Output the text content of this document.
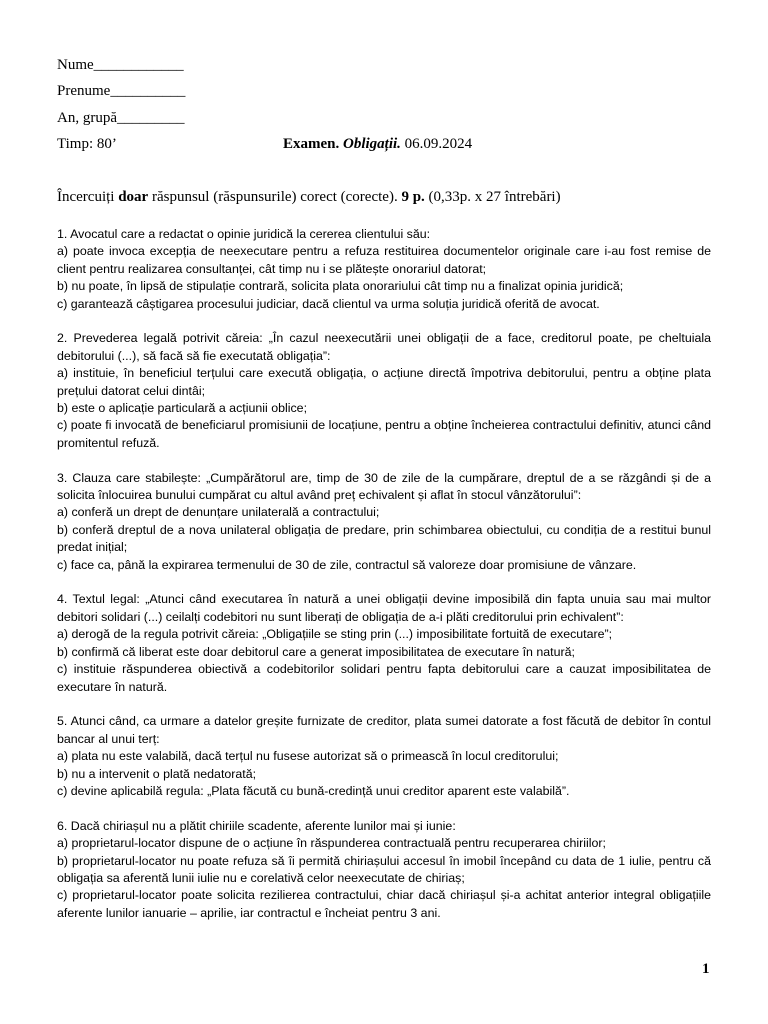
Nume____________
Prenume__________
An, grupă_________
Timp: 80’	Examen. Obligații. 06.09.2024
Încercuiți doar răspunsul (răspunsurile) corect (corecte). 9 p. (0,33p. x 27 întrebări)

1. Avocatul care a redactat o opinie juridică la cererea clientului său:

a) poate invoca excepția de neexecutare pentru a refuza restituirea documentelor originale care i-au fost remise de client pentru realizarea consultanței, cât timp nu i se plătește onorariul datorat;

b) nu poate, în lipsă de stipulație contrară, solicita plata onorariului cât timp nu a finalizat opinia juridică;

c) garantează câștigarea procesului judiciar, dacă clientul va urma soluția juridică oferită de avocat.

2. Prevederea legală potrivit căreia: „În cazul neexecutării unei obligații de a face, creditorul poate, pe cheltuiala debitorului (...), să facă să fie executată obligația”:

a) instituie, în beneficiul terțului care execută obligația, o acțiune directă împotriva debitorului, pentru a obține plata prețului datorat celui dintâi;

b) este o aplicație particulară a acțiunii oblice;

c) poate fi invocată de beneficiarul promisiunii de locațiune, pentru a obține încheierea contractului definitiv, atunci când promitentul refuză.

3. Clauza care stabilește: „Cumpărătorul are, timp de 30 de zile de la cumpărare, dreptul de a se răzgândi și de a solicita înlocuirea bunului cumpărat cu altul având preț echivalent și aflat în stocul vânzătorului”:

a) conferă un drept de denunțare unilaterală a contractului;

b) conferă dreptul de a nova unilateral obligația de predare, prin schimbarea obiectului, cu condiția de a restitui bunul predat inițial;

c) face ca, până la expirarea termenului de 30 de zile, contractul să valoreze doar promisiune de vânzare.

4. Textul legal: „Atunci când executarea în natură a unei obligații devine imposibilă din fapta unuia sau mai multor debitori solidari (...) ceilalți codebitori nu sunt liberați de obligația de a-i plăti creditorului prin echivalent”:

a) derogă de la regula potrivit căreia: „Obligațiile se sting prin (...) imposibilitate fortuită de executare”;

b) confirmă că liberat este doar debitorul care a generat imposibilitatea de executare în natură;

c) instituie răspunderea obiectivă a codebitorilor solidari pentru fapta debitorului care a cauzat imposibilitatea de executare în natură.

5. Atunci când, ca urmare a datelor greșite furnizate de creditor, plata sumei datorate a fost făcută de debitor în contul bancar al unui terț:

a) plata nu este valabilă, dacă terțul nu fusese autorizat să o primească în locul creditorului;

b) nu a intervenit o plată nedatorată;

c) devine aplicabilă regula: „Plata făcută cu bună-credință unui creditor aparent este valabilă”.

6. Dacă chiriașul nu a plătit chiriile scadente, aferente lunilor mai și iunie:

a) proprietarul-locator dispune de o acțiune în răspunderea contractuală pentru recuperarea chiriilor;

b) proprietarul-locator nu poate refuza să îi permită chiriașului accesul în imobil începând cu data de 1 iulie, pentru că obligația sa aferentă lunii iulie nu e corelativă celor neexecutate de chiriaș;

c) proprietarul-locator poate solicita rezilierea contractului, chiar dacă chiriașul și-a achitat anterior integral obligațiile aferente lunilor ianuarie – aprilie, iar contractul e încheiat pentru 3 ani.

1
